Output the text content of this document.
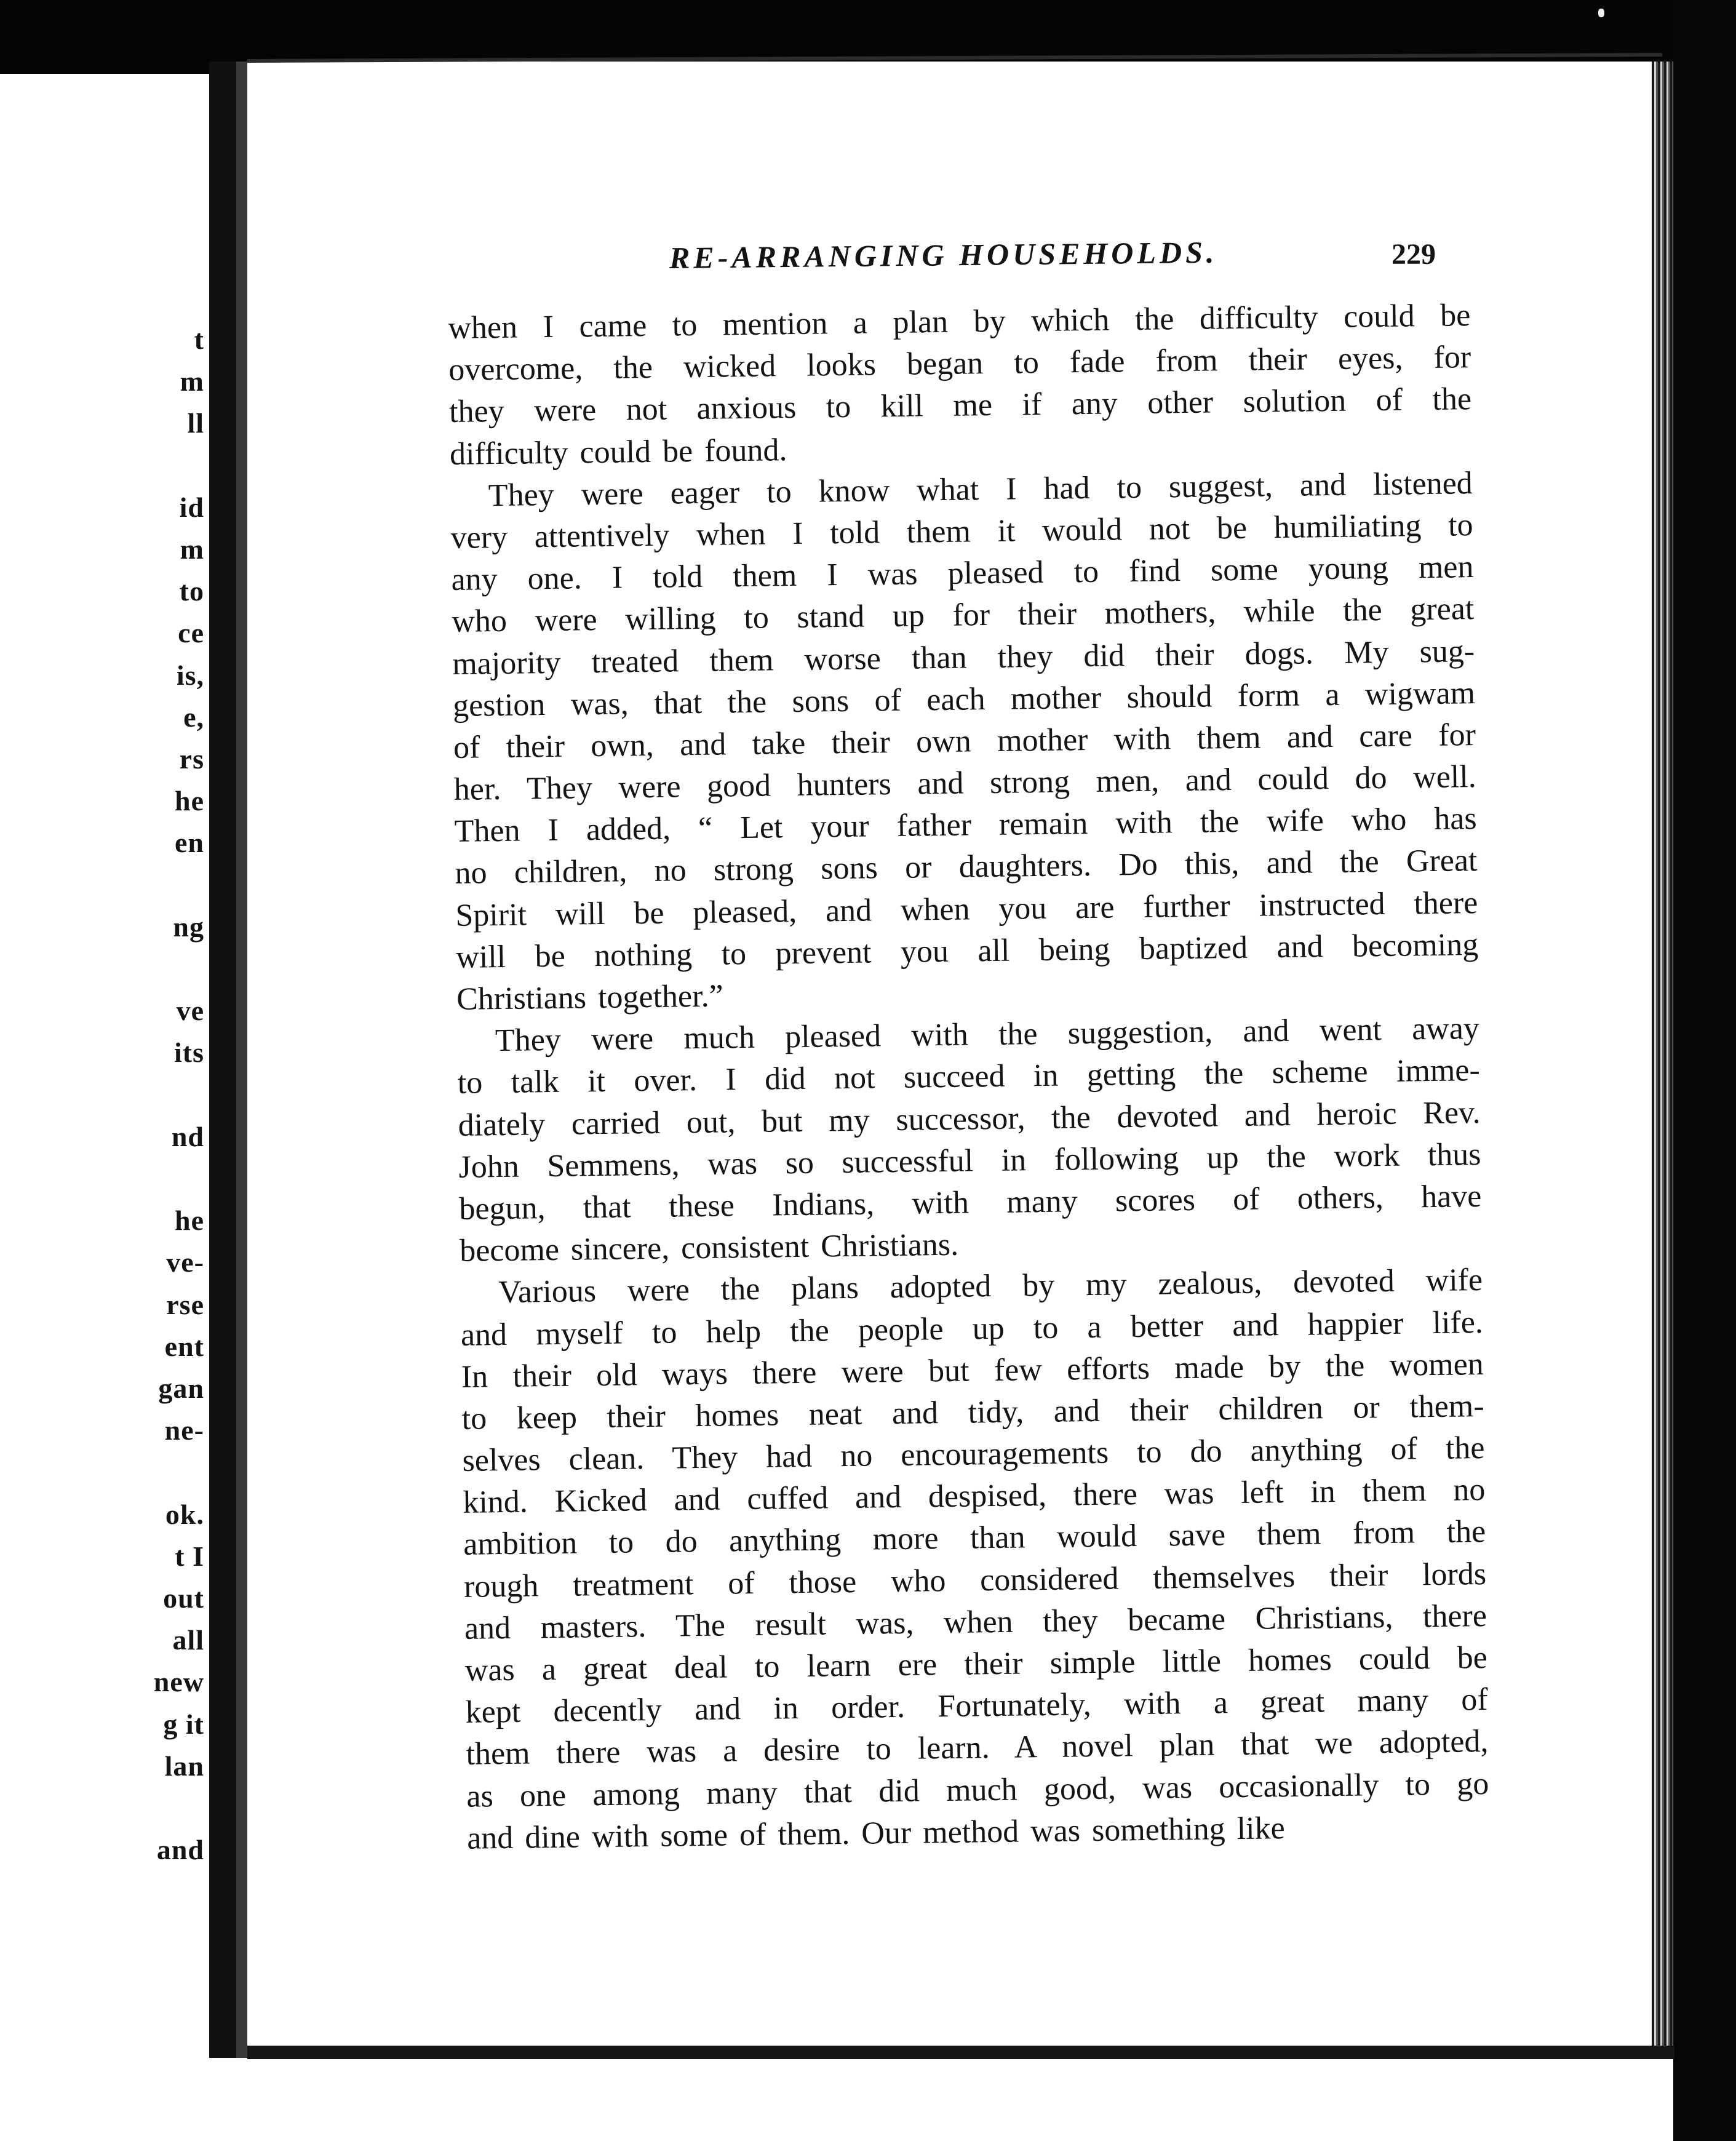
t
m
ll
id
m
to
ce
is,
e,
rs
he
en
ng
ve
its
nd
he
ve-
rse
ent
gan
ne-
ok.
t I
out
all
new
g it
lan
and
RE-ARRANGING HOUSEHOLDS.	229
when I came to mention a plan by which the difficulty could be
overcome, the wicked looks began to fade from their eyes, for
they were not anxious to kill me if any other solution of the
difficulty could be found.
They were eager to know what I had to suggest, and listened
very attentively when I told them it would not be humiliating to
any one. I told them I was pleased to find some young men
who were willing to stand up for their mothers, while the great
majority treated them worse than they did their dogs. My sug-
gestion was, that the sons of each mother should form a wigwam
of their own, and take their own mother with them and care for
her. They were good hunters and strong men, and could do well.
Then I added, “ Let your father remain with the wife who has
no children, no strong sons or daughters. Do this, and the Great
Spirit will be pleased, and when you are further instructed there
will be nothing to prevent you all being baptized and becoming
Christians together.”
They were much pleased with the suggestion, and went away
to talk it over. I did not succeed in getting the scheme imme-
diately carried out, but my successor, the devoted and heroic Rev.
John Semmens, was so successful in following up the work thus
begun, that these Indians, with many scores of others, have
become sincere, consistent Christians.
Various were the plans adopted by my zealous, devoted wife
and myself to help the people up to a better and happier life.
In their old ways there were but few efforts made by the women
to keep their homes neat and tidy, and their children or them-
selves clean. They had no encouragements to do anything of the
kind. Kicked and cuffed and despised, there was left in them no
ambition to do anything more than would save them from the
rough treatment of those who considered themselves their lords
and masters. The result was, when they became Christians, there
was a great deal to learn ere their simple little homes could be
kept decently and in order. Fortunately, with a great many of
them there was a desire to learn. A novel plan that we adopted,
as one among many that did much good, was occasionally to go
and dine with some of them. Our method was something like
